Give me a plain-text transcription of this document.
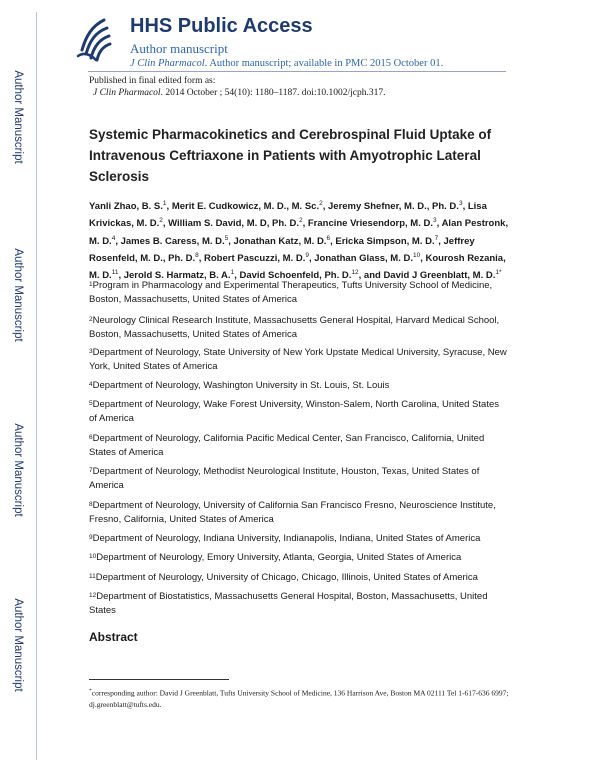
Author Manuscript
Author Manuscript
Author Manuscript
Author Manuscript
HHS Public Access
Author manuscript
J Clin Pharmacol. Author manuscript; available in PMC 2015 October 01.
Published in final edited form as:
J Clin Pharmacol. 2014 October ; 54(10): 1180–1187. doi:10.1002/jcph.317.
Systemic Pharmacokinetics and Cerebrospinal Fluid Uptake of Intravenous Ceftriaxone in Patients with Amyotrophic Lateral Sclerosis
Yanli Zhao, B. S.$^1$, Merit E. Cudkowicz, M. D., M. Sc.$^2$, Jeremy Shefner, M. D., Ph. D.$^3$, Lisa Krivickas, M. D.$^2$, William S. David, M. D, Ph. D.$^2$, Francine Vriesendorp, M. D.$^3$, Alan Pestronk, M. D.$^4$, James B. Caress, M. D.$^5$, Jonathan Katz, M. D.$^6$, Ericka Simpson, M. D.$^7$, Jeffrey Rosenfeld, M. D., Ph. D.$^8$, Robert Pascuzzi, M. D.$^9$, Jonathan Glass, M. D.$^{10}$, Kourosh Rezania, M. D.$^{11}$, Jerold S. Harmatz, B. A.$^1$, David Schoenfeld, Ph. D.$^{12}$, and David J Greenblatt, M. D.$^{1*}$
$^1$Program in Pharmacology and Experimental Therapeutics, Tufts University School of Medicine, Boston, Massachusetts, United States of America
$^2$Neurology Clinical Research Institute, Massachusetts General Hospital, Harvard Medical School, Boston, Massachusetts, United States of America
$^3$Department of Neurology, State University of New York Upstate Medical University, Syracuse, New York, United States of America
$^4$Department of Neurology, Washington University in St. Louis, St. Louis
$^5$Department of Neurology, Wake Forest University, Winston-Salem, North Carolina, United States of America
$^6$Department of Neurology, California Pacific Medical Center, San Francisco, California, United States of America
$^7$Department of Neurology, Methodist Neurological Institute, Houston, Texas, United States of America
$^8$Department of Neurology, University of California San Francisco Fresno, Neuroscience Institute, Fresno, California, United States of America
$^9$Department of Neurology, Indiana University, Indianapolis, Indiana, United States of America
$^{10}$Department of Neurology, Emory University, Atlanta, Georgia, United States of America
$^{11}$Department of Neurology, University of Chicago, Chicago, Illinois, United States of America
$^{12}$Department of Biostatistics, Massachusetts General Hospital, Boston, Massachusetts, United States
Abstract
*corresponding author: David J Greenblatt, Tufts University School of Medicine, 136 Harrison Ave, Boston MA 02111 Tel 1-617-636 6997; dj.greenblatt@tufts.edu.
